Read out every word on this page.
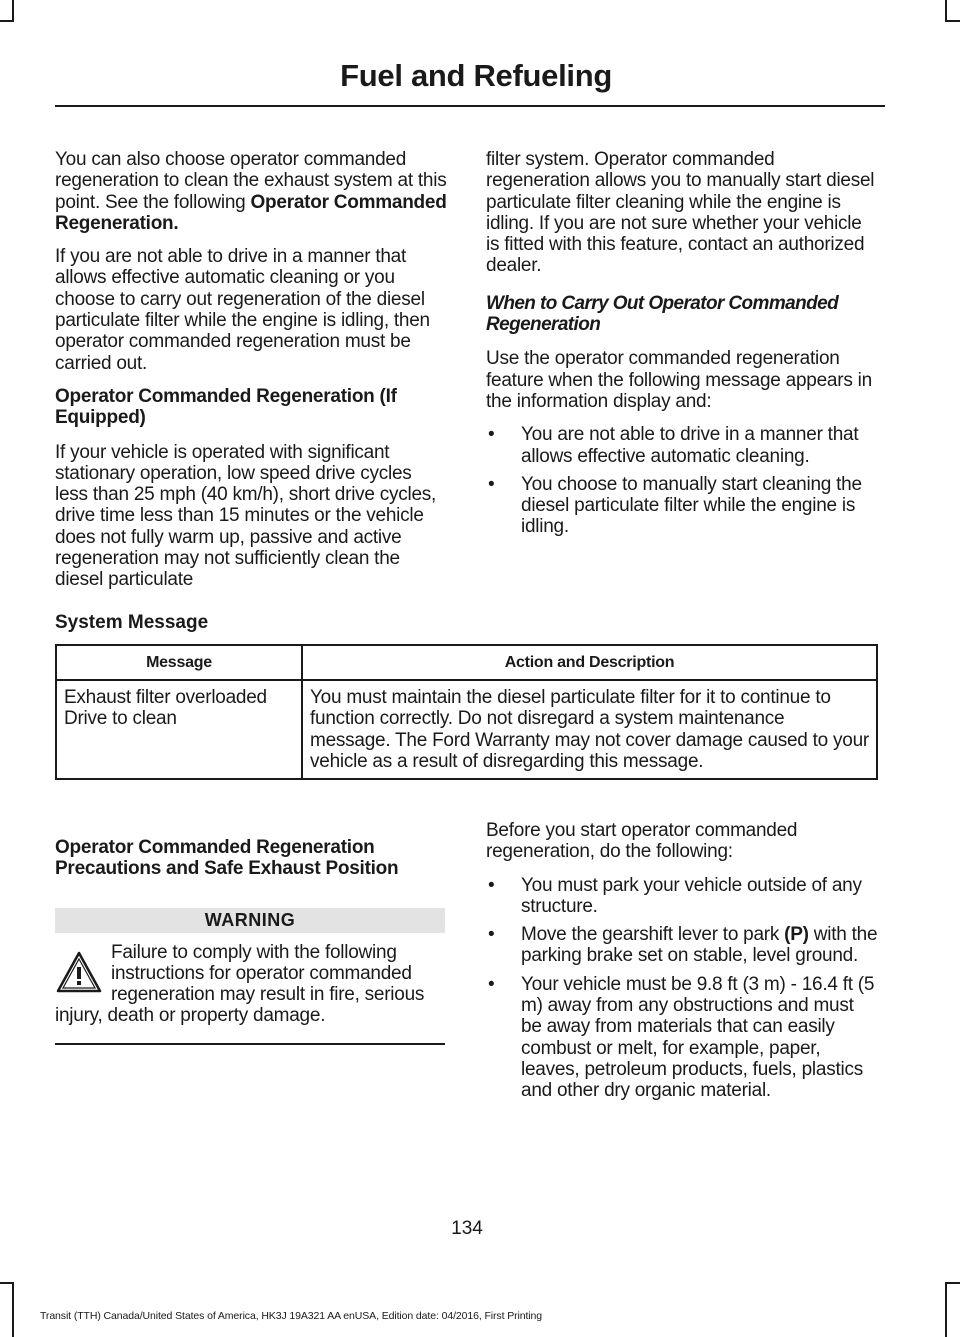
Fuel and Refueling

You can also choose operator commanded regeneration to clean the exhaust system at this point. See the following Operator Commanded Regeneration.

If you are not able to drive in a manner that allows effective automatic cleaning or you choose to carry out regeneration of the diesel particulate filter while the engine is idling, then operator commanded regeneration must be carried out.

Operator Commanded Regeneration (If Equipped)

If your vehicle is operated with significant stationary operation, low speed drive cycles less than 25 mph (40 km/h), short drive cycles, drive time less than 15 minutes or the vehicle does not fully warm up, passive and active regeneration may not sufficiently clean the diesel particulate

filter system. Operator commanded regeneration allows you to manually start diesel particulate filter cleaning while the engine is idling. If you are not sure whether your vehicle is fitted with this feature, contact an authorized dealer.

When to Carry Out Operator Commanded Regeneration

Use the operator commanded regeneration feature when the following message appears in the information display and:

• You are not able to drive in a manner that allows effective automatic cleaning.
• You choose to manually start cleaning the diesel particulate filter while the engine is idling.
System Message
Message	Action and Description
Exhaust filter overloaded
Drive to clean	You must maintain the diesel particulate filter for it to continue to function correctly. Do not disregard a system maintenance message. The Ford Warranty may not cover damage caused to your vehicle as a result of disregarding this message.
Operator Commanded Regeneration Precautions and Safe Exhaust Position
WARNING
Failure to comply with the following instructions for operator commanded regeneration may result in fire, serious injury, death or property damage.

Before you start operator commanded regeneration, do the following:

• You must park your vehicle outside of any structure.
• Move the gearshift lever to park (P) with the parking brake set on stable, level ground.
• Your vehicle must be 9.8 ft (3 m) - 16.4 ft (5 m) away from any obstructions and must be away from materials that can easily combust or melt, for example, paper, leaves, petroleum products, fuels, plastics and other dry organic material.
134
Transit (TTH) Canada/United States of America, HK3J 19A321 AA enUSA, Edition date: 04/2016, First Printing
